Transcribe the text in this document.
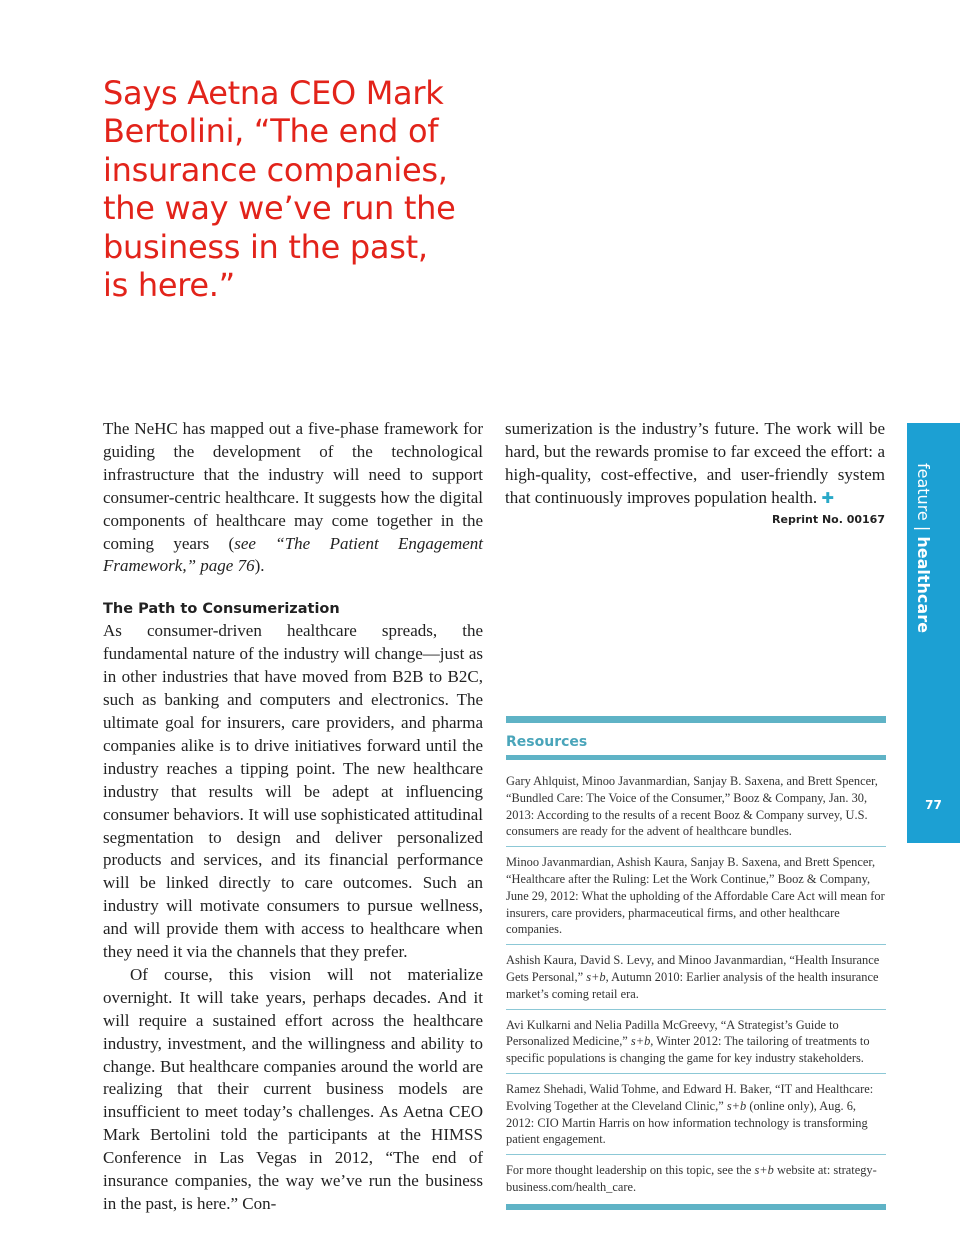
Says Aetna CEO Mark
Bertolini, “The end of
insurance companies,
the way we’ve run the
business in the past,
is here.”

The NeHC has mapped out a five-phase framework for guiding the development of the technological infrastructure that the industry will need to support consumer-centric healthcare. It suggests how the digital components of healthcare may come together in the coming years (see “The Patient Engagement Framework,” page 76).

The Path to Consumerization

As consumer-driven healthcare spreads, the fundamental nature of the industry will change—just as in other industries that have moved from B2B to B2C, such as banking and computers and electronics. The ultimate goal for insurers, care providers, and pharma companies alike is to drive initiatives forward until the industry reaches a tipping point. The new healthcare industry that results will be adept at influencing consumer behaviors. It will use sophisticated attitudinal segmentation to design and deliver personalized products and services, and its financial performance will be linked directly to care outcomes. Such an industry will motivate consumers to pursue wellness, and will provide them with access to healthcare when they need it via the channels that they prefer.

Of course, this vision will not materialize overnight. It will take years, perhaps decades. And it will require a sustained effort across the healthcare industry, investment, and the willingness and ability to change. But healthcare companies around the world are realizing that their current business models are insufficient to meet today’s challenges. As Aetna CEO Mark Bertolini told the participants at the HIMSS Conference in Las Vegas in 2012, “The end of insurance companies, the way we’ve run the business in the past, is here.” Con-

sumerization is the industry’s future. The work will be hard, but the rewards promise to far exceed the effort: a high-quality, cost-effective, and user-friendly system that continuously improves population health. ✚

Reprint No. 00167
Resources
Gary Ahlquist, Minoo Javanmardian, Sanjay B. Saxena, and Brett Spencer, “Bundled Care: The Voice of the Consumer,” Booz & Company, Jan. 30, 2013: According to the results of a recent Booz & Company survey, U.S. consumers are ready for the advent of healthcare bundles.
Minoo Javanmardian, Ashish Kaura, Sanjay B. Saxena, and Brett Spencer, “Healthcare after the Ruling: Let the Work Continue,” Booz & Company, June 29, 2012: What the upholding of the Affordable Care Act will mean for insurers, care providers, pharmaceutical firms, and other healthcare companies.
Ashish Kaura, David S. Levy, and Minoo Javanmardian, “Health Insurance Gets Personal,” s+b, Autumn 2010: Earlier analysis of the health insurance market’s coming retail era.
Avi Kulkarni and Nelia Padilla McGreevy, “A Strategist’s Guide to Personalized Medicine,” s+b, Winter 2012: The tailoring of treatments to specific populations is changing the game for key industry stakeholders.
Ramez Shehadi, Walid Tohme, and Edward H. Baker, “IT and Healthcare: Evolving Together at the Cleveland Clinic,” s+b (online only), Aug. 6, 2012: CIO Martin Harris on how information technology is transforming patient engagement.
For more thought leadership on this topic, see the s+b website at: strategy-business.com/health_care.
feature | healthcare
77
